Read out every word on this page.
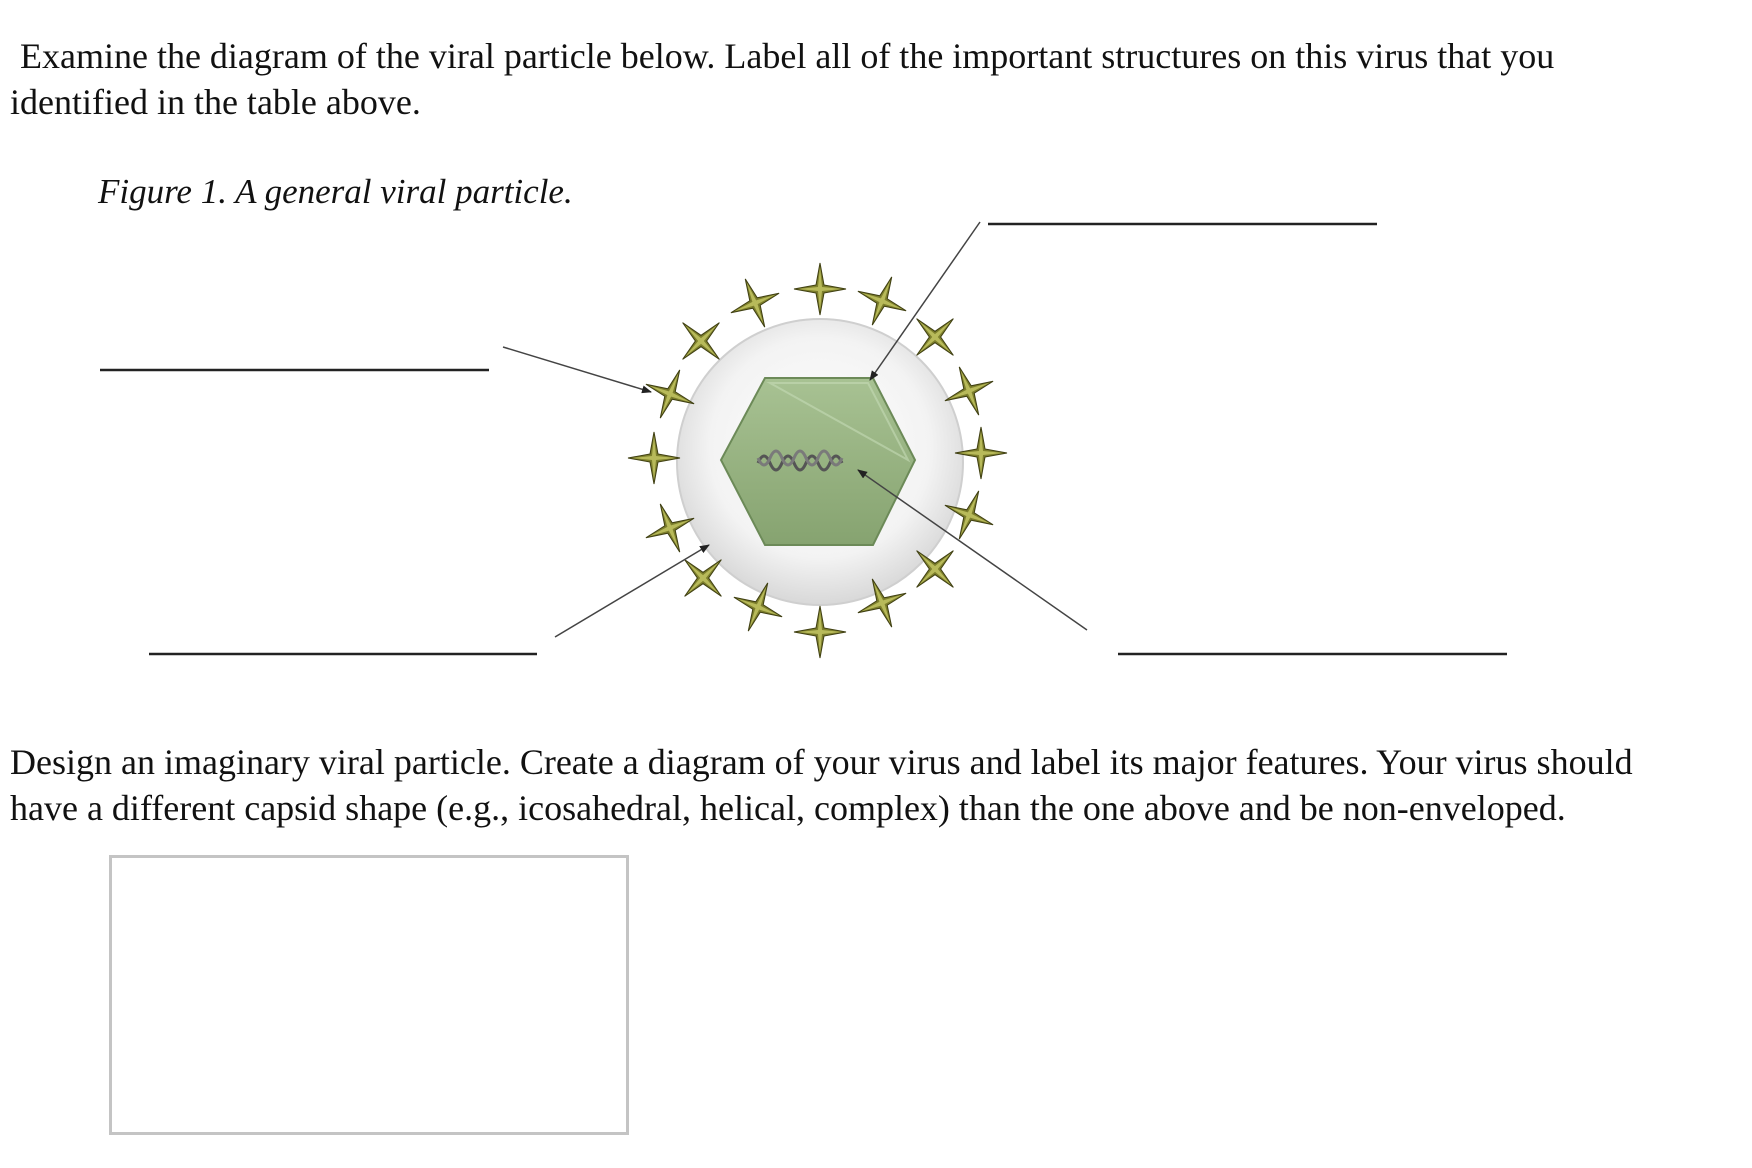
Examine the diagram of the viral particle below. Label all of the important structures on this virus that you
identified in the table above.

Figure 1. A general viral particle.

Design an imaginary viral particle. Create a diagram of your virus and label its major features. Your virus should
have a different capsid shape (e.g., icosahedral, helical, complex) than the one above and be non-enveloped.
